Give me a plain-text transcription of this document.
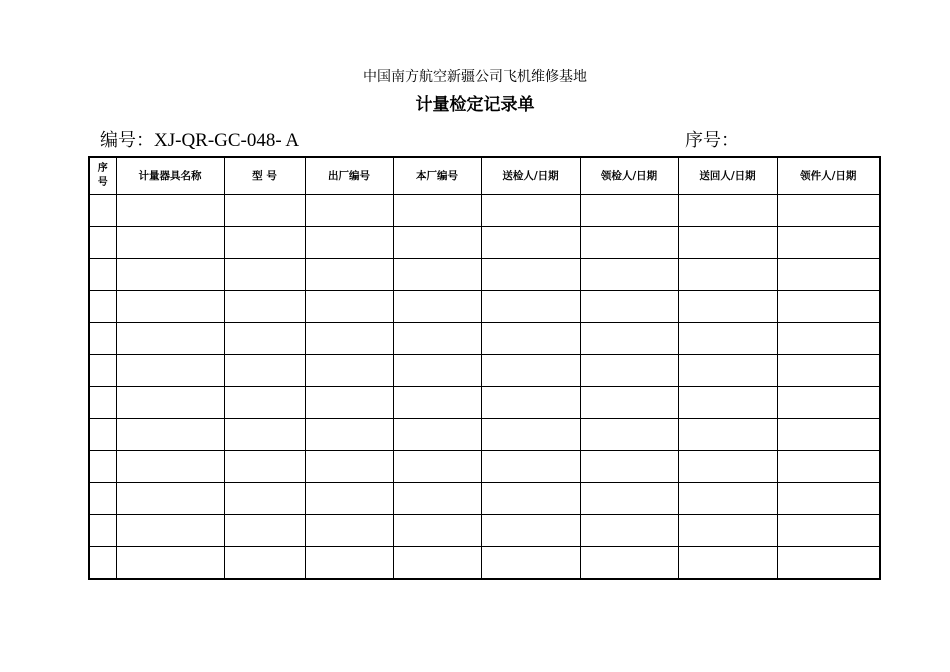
中国南方航空新疆公司飞机维修基地
计量检定记录单
编号：XJ-QR-GC-048- A	序号：
序
号	计量器具名称	型 号	出厂编号	本厂编号	送检人/日期	领检人/日期	送回人/日期	领件人/日期
